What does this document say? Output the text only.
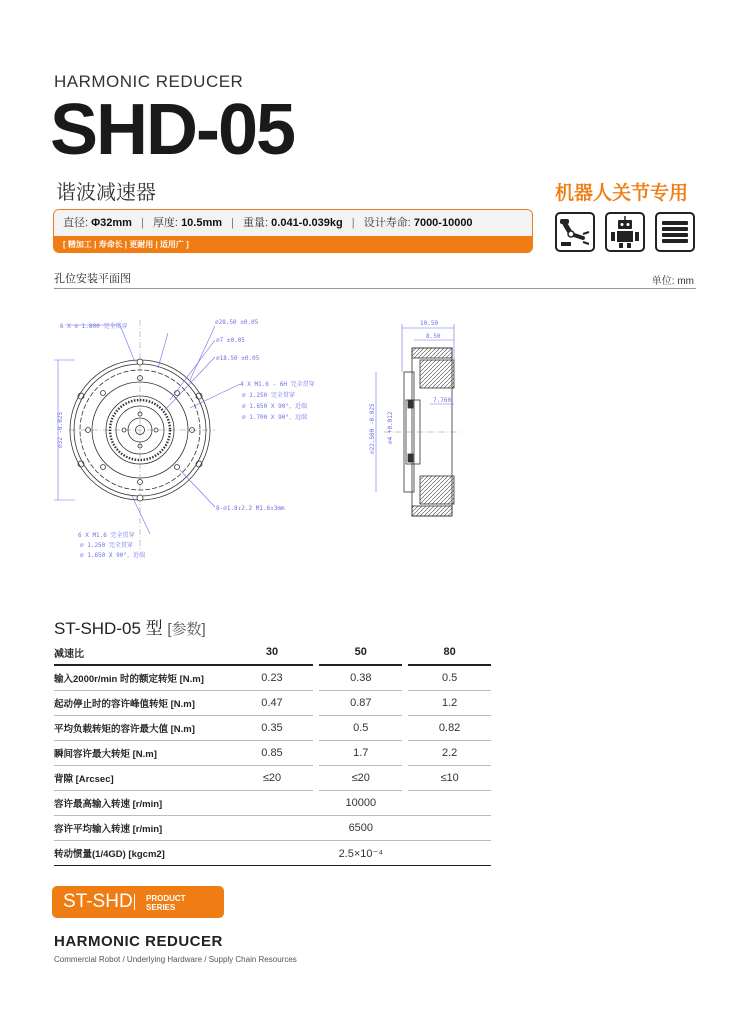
HARMONIC REDUCER
SHD-05
谐波减速器	机器人关节专用
直径: Φ32mm | 厚度: 10.5mm | 重量: 0.041-0.039kg | 设计寿命: 7000-10000
[ 精加工 | 寿命长 | 更耐用 | 适用广 ]
孔位安装平面图	单位: mm
6 X ∅ 1.800 完全贯穿
∅28.50 ±0.05
∅7 ±0.05
∅18.50 ±0.05
4 X M1.6 - 6H 完全贯穿
∅ 1.250 完全贯穿
∅ 1.650 X 90°，近端
∅ 1.700 X 90°，远端
8-∅1.8↧2.2 M1.6↧3mm
6 X M1.6 完全贯穿
∅ 1.250 完全贯穿
∅ 1.650 X 90°，近端
∅32 -0.025
10.50
8.50
7.760
∅22.500 -0.025 ∅4 +0.012
ST-SHD-05 型 [参数]
减速比	30		50		80
输入2000r/min 时的额定转矩 [N.m]	0.23		0.38		0.5
起动停止时的容许峰值转矩 [N.m]	0.47		0.87		1.2
平均负载转矩的容许最大值 [N.m]	0.35		0.5		0.82
瞬间容许最大转矩 [N.m]	0.85		1.7		2.2
背隙 [Arcsec]	≤20		≤20		≤10
容许最高输入转速 [r/min]	10000				
容许平均输入转速 [r/min]	6500				
转动惯量(1/4GD) [kgcm2]	2.5×10⁻⁴				
ST-SHD PRODUCT
SERIES
HARMONIC REDUCER
Commercial Robot / Underlying Hardware / Supply Chain Resources
